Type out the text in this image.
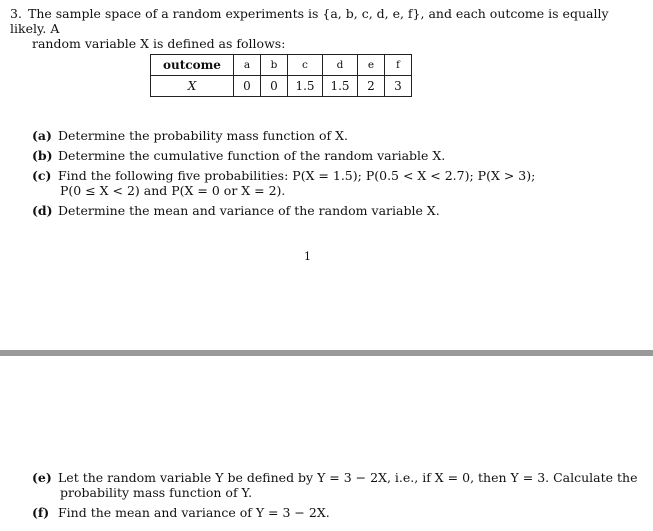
3. The sample space of a random experiments is {a, b, c, d, e, f}, and each outcome is equally likely. A
random variable X is defined as follows:
outcome	a	b	c	d	e	f
X	0	0	1.5	1.5	2	3
(a) Determine the probability mass function of X.
(b) Determine the cumulative function of the random variable X.
(c) Find the following five probabilities: P(X = 1.5); P(0.5 < X < 2.7); P(X > 3);
P(0 ≤ X < 2) and P(X = 0 or X = 2).
(d) Determine the mean and variance of the random variable X.
1
(e) Let the random variable Y be defined by Y = 3 − 2X, i.e., if X = 0, then Y = 3. Calculate the
probability mass function of Y.
(f) Find the mean and variance of Y = 3 − 2X.
